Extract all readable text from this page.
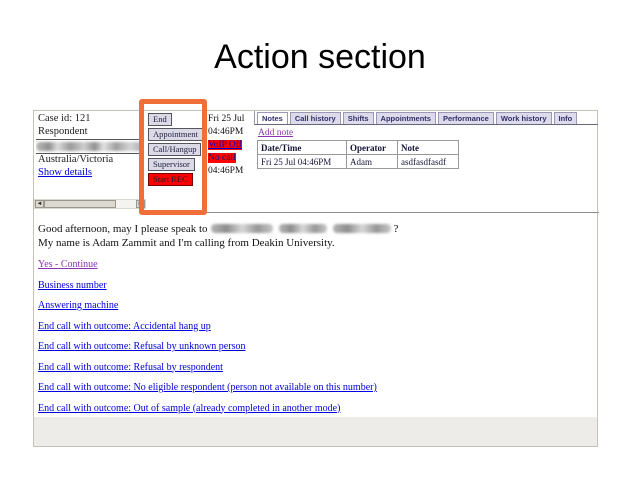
Action section
Case id: 121
Respondent
Australia/Victoria
Show details
◄	►
End
Appointment
Call/Hangup
Supervisor
Start REC
Fri 25 Jul
04:46PM
VoIP Off
No call
04:46PM
Notes	Call history	Shifts	Appointments	Performance	Work history	Info
Add note
Date/Time	Operator	Note
Fri 25 Jul 04:46PM	Adam	asdfasdfasdf
Good afternoon, may I please speak to	?
My name is Adam Zammit and I'm calling from Deakin University.
Yes - Continue
Business number
Answering machine
End call with outcome: Accidental hang up
End call with outcome: Refusal by unknown person
End call with outcome: Refusal by respondent
End call with outcome: No eligible respondent (person not available on this number)
End call with outcome: Out of sample (already completed in another mode)
